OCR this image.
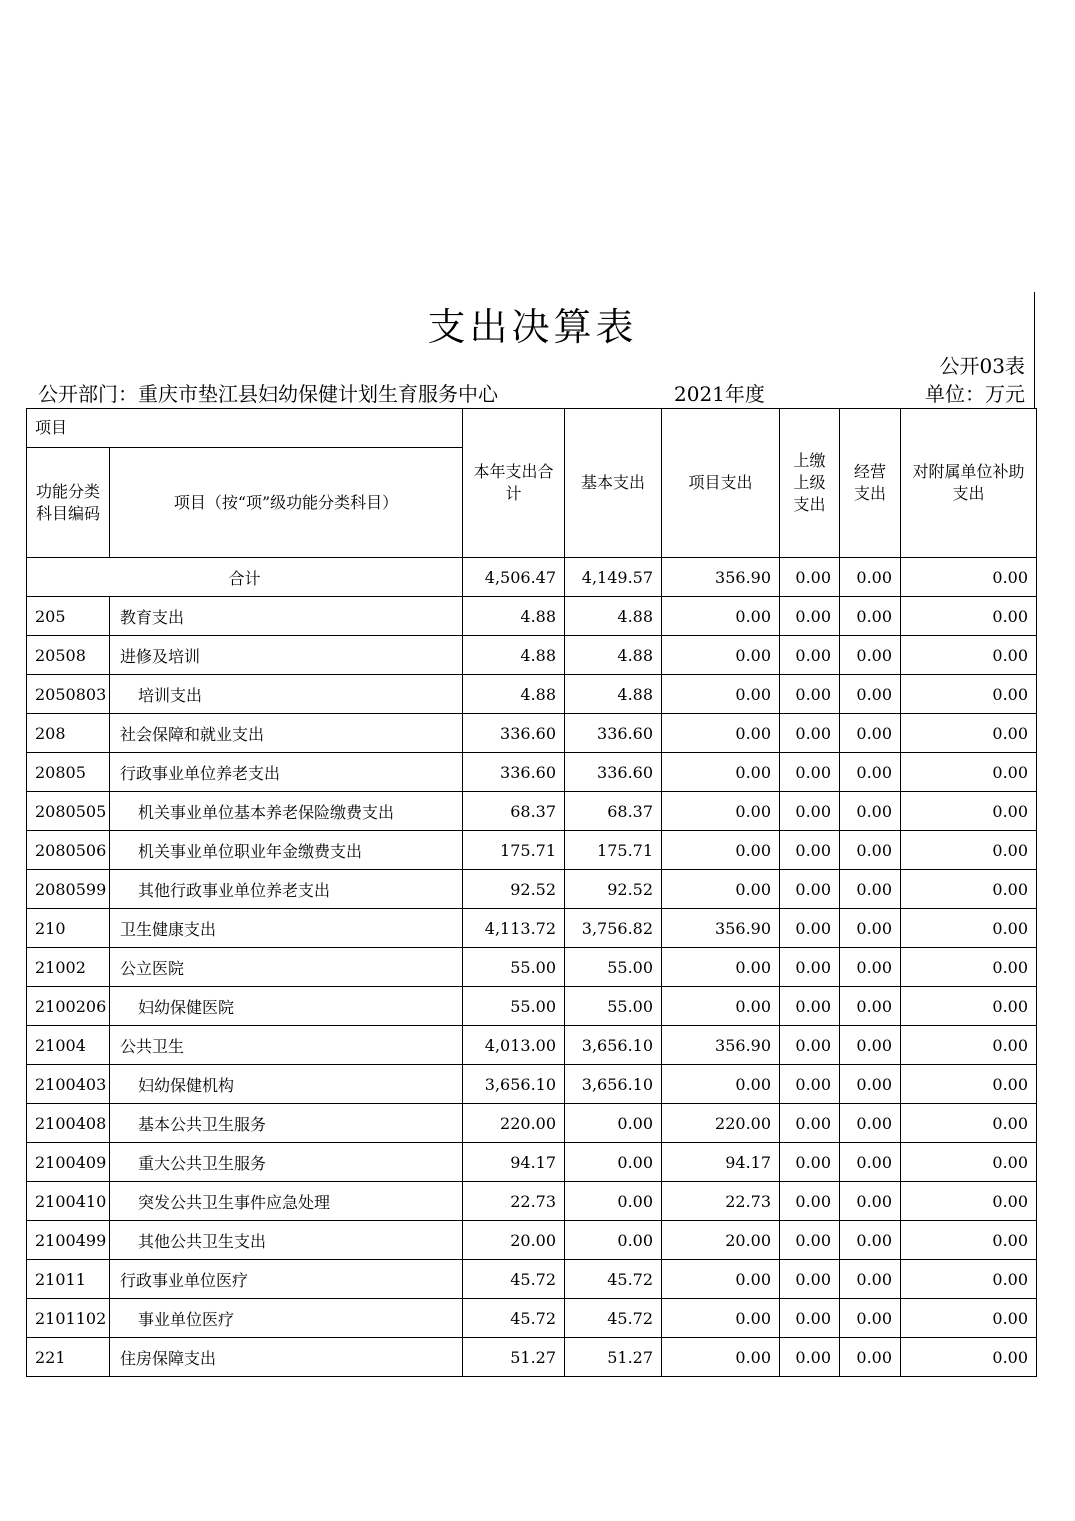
支出决算表
公开03表
公开部门：重庆市垫江县妇幼保健计划生育服务中心	2021年度	单位：万元
项目		本年支出合计	基本支出	项目支出	上缴上级支出	经营支出	对附属单位补助支出
功能分类科目编码	项目（按“项”级功能分类科目）						
合计		4,506.47	4,149.57	356.90	0.00	0.00	0.00
205	教育支出	4.88	4.88	0.00	0.00	0.00	0.00
20508	进修及培训	4.88	4.88	0.00	0.00	0.00	0.00
2050803	培训支出	4.88	4.88	0.00	0.00	0.00	0.00
208	社会保障和就业支出	336.60	336.60	0.00	0.00	0.00	0.00
20805	行政事业单位养老支出	336.60	336.60	0.00	0.00	0.00	0.00
2080505	机关事业单位基本养老保险缴费支出	68.37	68.37	0.00	0.00	0.00	0.00
2080506	机关事业单位职业年金缴费支出	175.71	175.71	0.00	0.00	0.00	0.00
2080599	其他行政事业单位养老支出	92.52	92.52	0.00	0.00	0.00	0.00
210	卫生健康支出	4,113.72	3,756.82	356.90	0.00	0.00	0.00
21002	公立医院	55.00	55.00	0.00	0.00	0.00	0.00
2100206	妇幼保健医院	55.00	55.00	0.00	0.00	0.00	0.00
21004	公共卫生	4,013.00	3,656.10	356.90	0.00	0.00	0.00
2100403	妇幼保健机构	3,656.10	3,656.10	0.00	0.00	0.00	0.00
2100408	基本公共卫生服务	220.00	0.00	220.00	0.00	0.00	0.00
2100409	重大公共卫生服务	94.17	0.00	94.17	0.00	0.00	0.00
2100410	突发公共卫生事件应急处理	22.73	0.00	22.73	0.00	0.00	0.00
2100499	其他公共卫生支出	20.00	0.00	20.00	0.00	0.00	0.00
21011	行政事业单位医疗	45.72	45.72	0.00	0.00	0.00	0.00
2101102	事业单位医疗	45.72	45.72	0.00	0.00	0.00	0.00
221	住房保障支出	51.27	51.27	0.00	0.00	0.00	0.00
